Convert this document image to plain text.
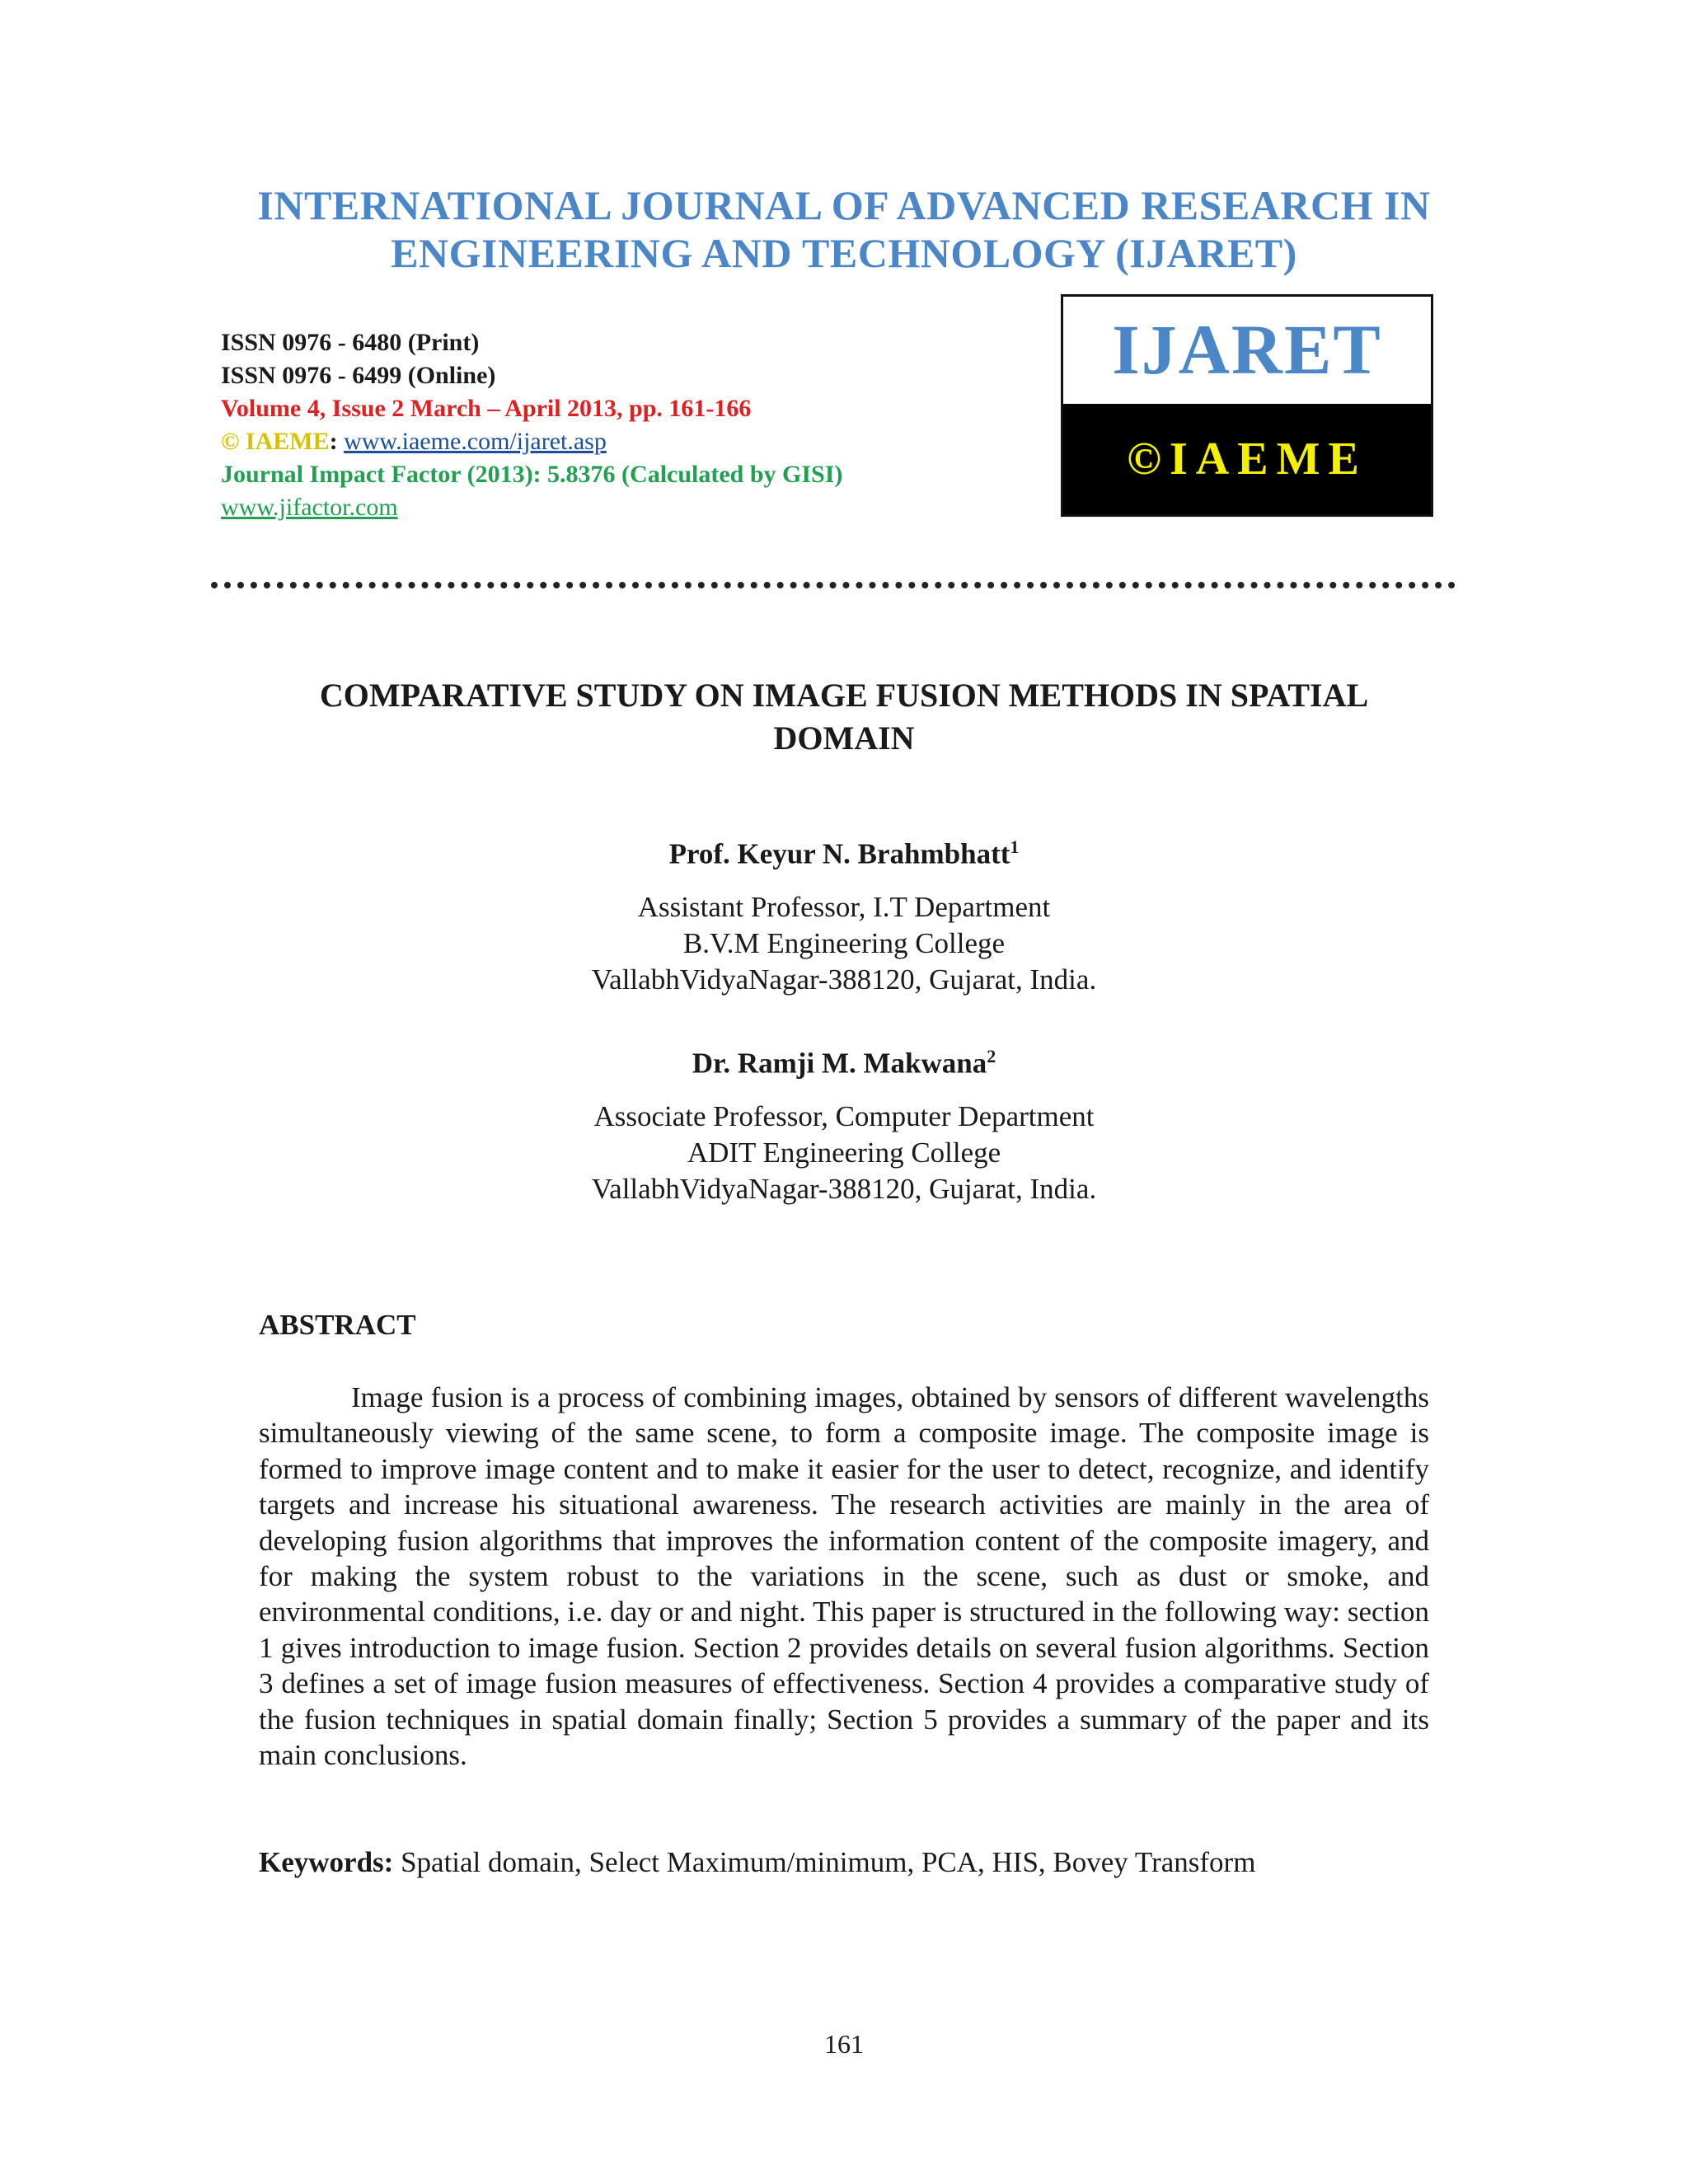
INTERNATIONAL JOURNAL OF ADVANCED RESEARCH IN
ENGINEERING AND TECHNOLOGY (IJARET)
ISSN 0976 - 6480 (Print)
ISSN 0976 - 6499 (Online)
Volume 4, Issue 2 March – April 2013, pp. 161-166
© IAEME: www.iaeme.com/ijaret.asp
Journal Impact Factor (2013): 5.8376 (Calculated by GISI)
www.jifactor.com
IJARET
©IAEME
COMPARATIVE STUDY ON IMAGE FUSION METHODS IN SPATIAL
DOMAIN
Prof. Keyur N. Brahmbhatt$^1$
Assistant Professor, I.T Department
B.V.M Engineering College
VallabhVidyaNagar-388120, Gujarat, India.
Dr. Ramji M. Makwana$^2$
Associate Professor, Computer Department
ADIT Engineering College
VallabhVidyaNagar-388120, Gujarat, India.
ABSTRACT
Image fusion is a process of combining images, obtained by sensors of different wavelengths simultaneously viewing of the same scene, to form a composite image. The composite image is formed to improve image content and to make it easier for the user to detect, recognize, and identify targets and increase his situational awareness. The research activities are mainly in the area of developing fusion algorithms that improves the information content of the composite imagery, and for making the system robust to the variations in the scene, such as dust or smoke, and environmental conditions, i.e. day or and night. This paper is structured in the following way: section 1 gives introduction to image fusion. Section 2 provides details on several fusion algorithms. Section 3 defines a set of image fusion measures of effectiveness. Section 4 provides a comparative study of the fusion techniques in spatial domain finally; Section 5 provides a summary of the paper and its main conclusions.
Keywords: Spatial domain, Select Maximum/minimum, PCA, HIS, Bovey Transform
161
